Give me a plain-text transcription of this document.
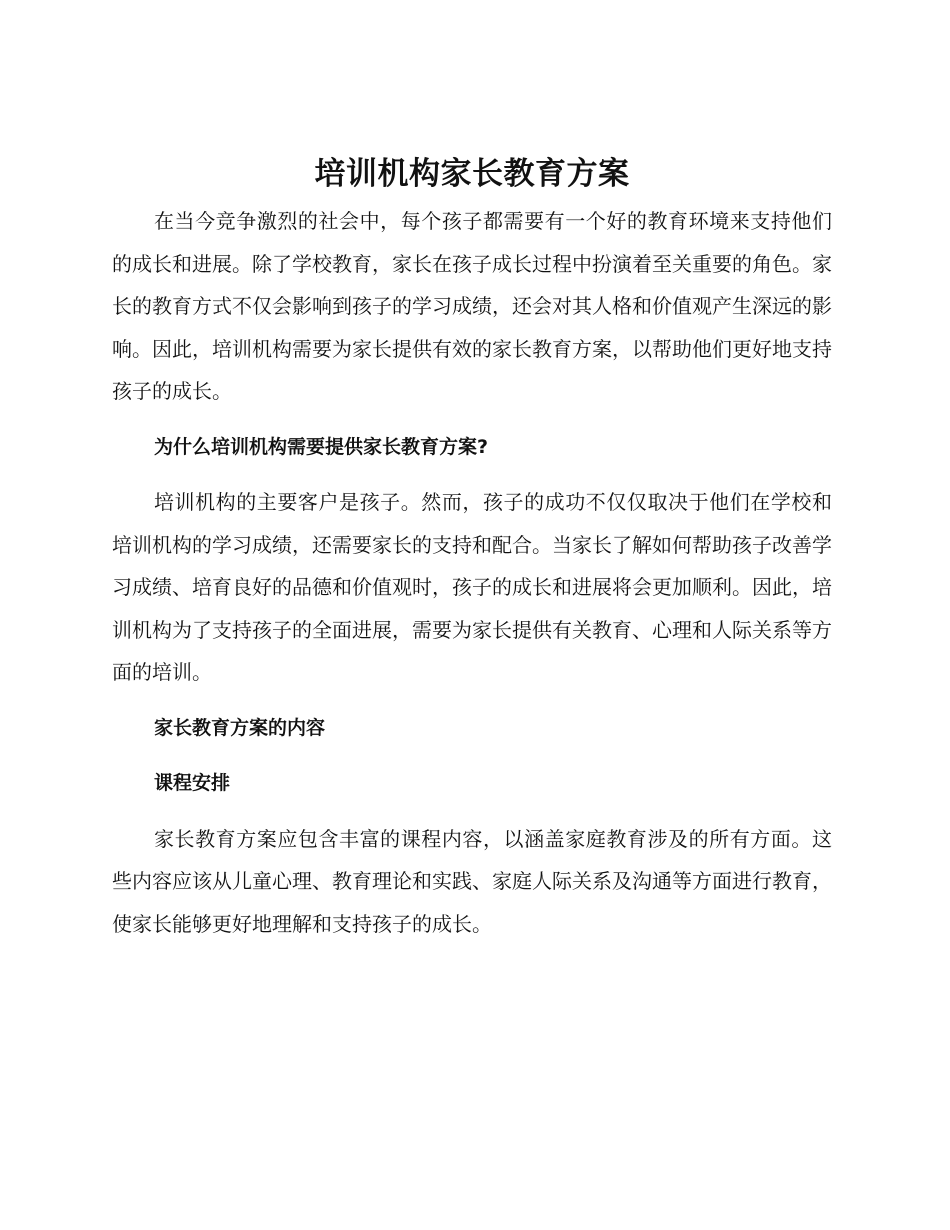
培训机构家长教育方案

在当今竞争激烈的社会中，每个孩子都需要有一个好的教育环境来支持他们的成长和进展。除了学校教育，家长在孩子成长过程中扮演着至关重要的角色。家长的教育方式不仅会影响到孩子的学习成绩，还会对其人格和价值观产生深远的影响。因此，培训机构需要为家长提供有效的家长教育方案，以帮助他们更好地支持孩子的成长。

为什么培训机构需要提供家长教育方案?

培训机构的主要客户是孩子。然而，孩子的成功不仅仅取决于他们在学校和培训机构的学习成绩，还需要家长的支持和配合。当家长了解如何帮助孩子改善学习成绩、培育良好的品德和价值观时，孩子的成长和进展将会更加顺利。因此，培训机构为了支持孩子的全面进展，需要为家长提供有关教育、心理和人际关系等方面的培训。

家长教育方案的内容
课程安排

家长教育方案应包含丰富的课程内容，以涵盖家庭教育涉及的所有方面。这些内容应该从儿童心理、教育理论和实践、家庭人际关系及沟通等方面进行教育，使家长能够更好地理解和支持孩子的成长。
